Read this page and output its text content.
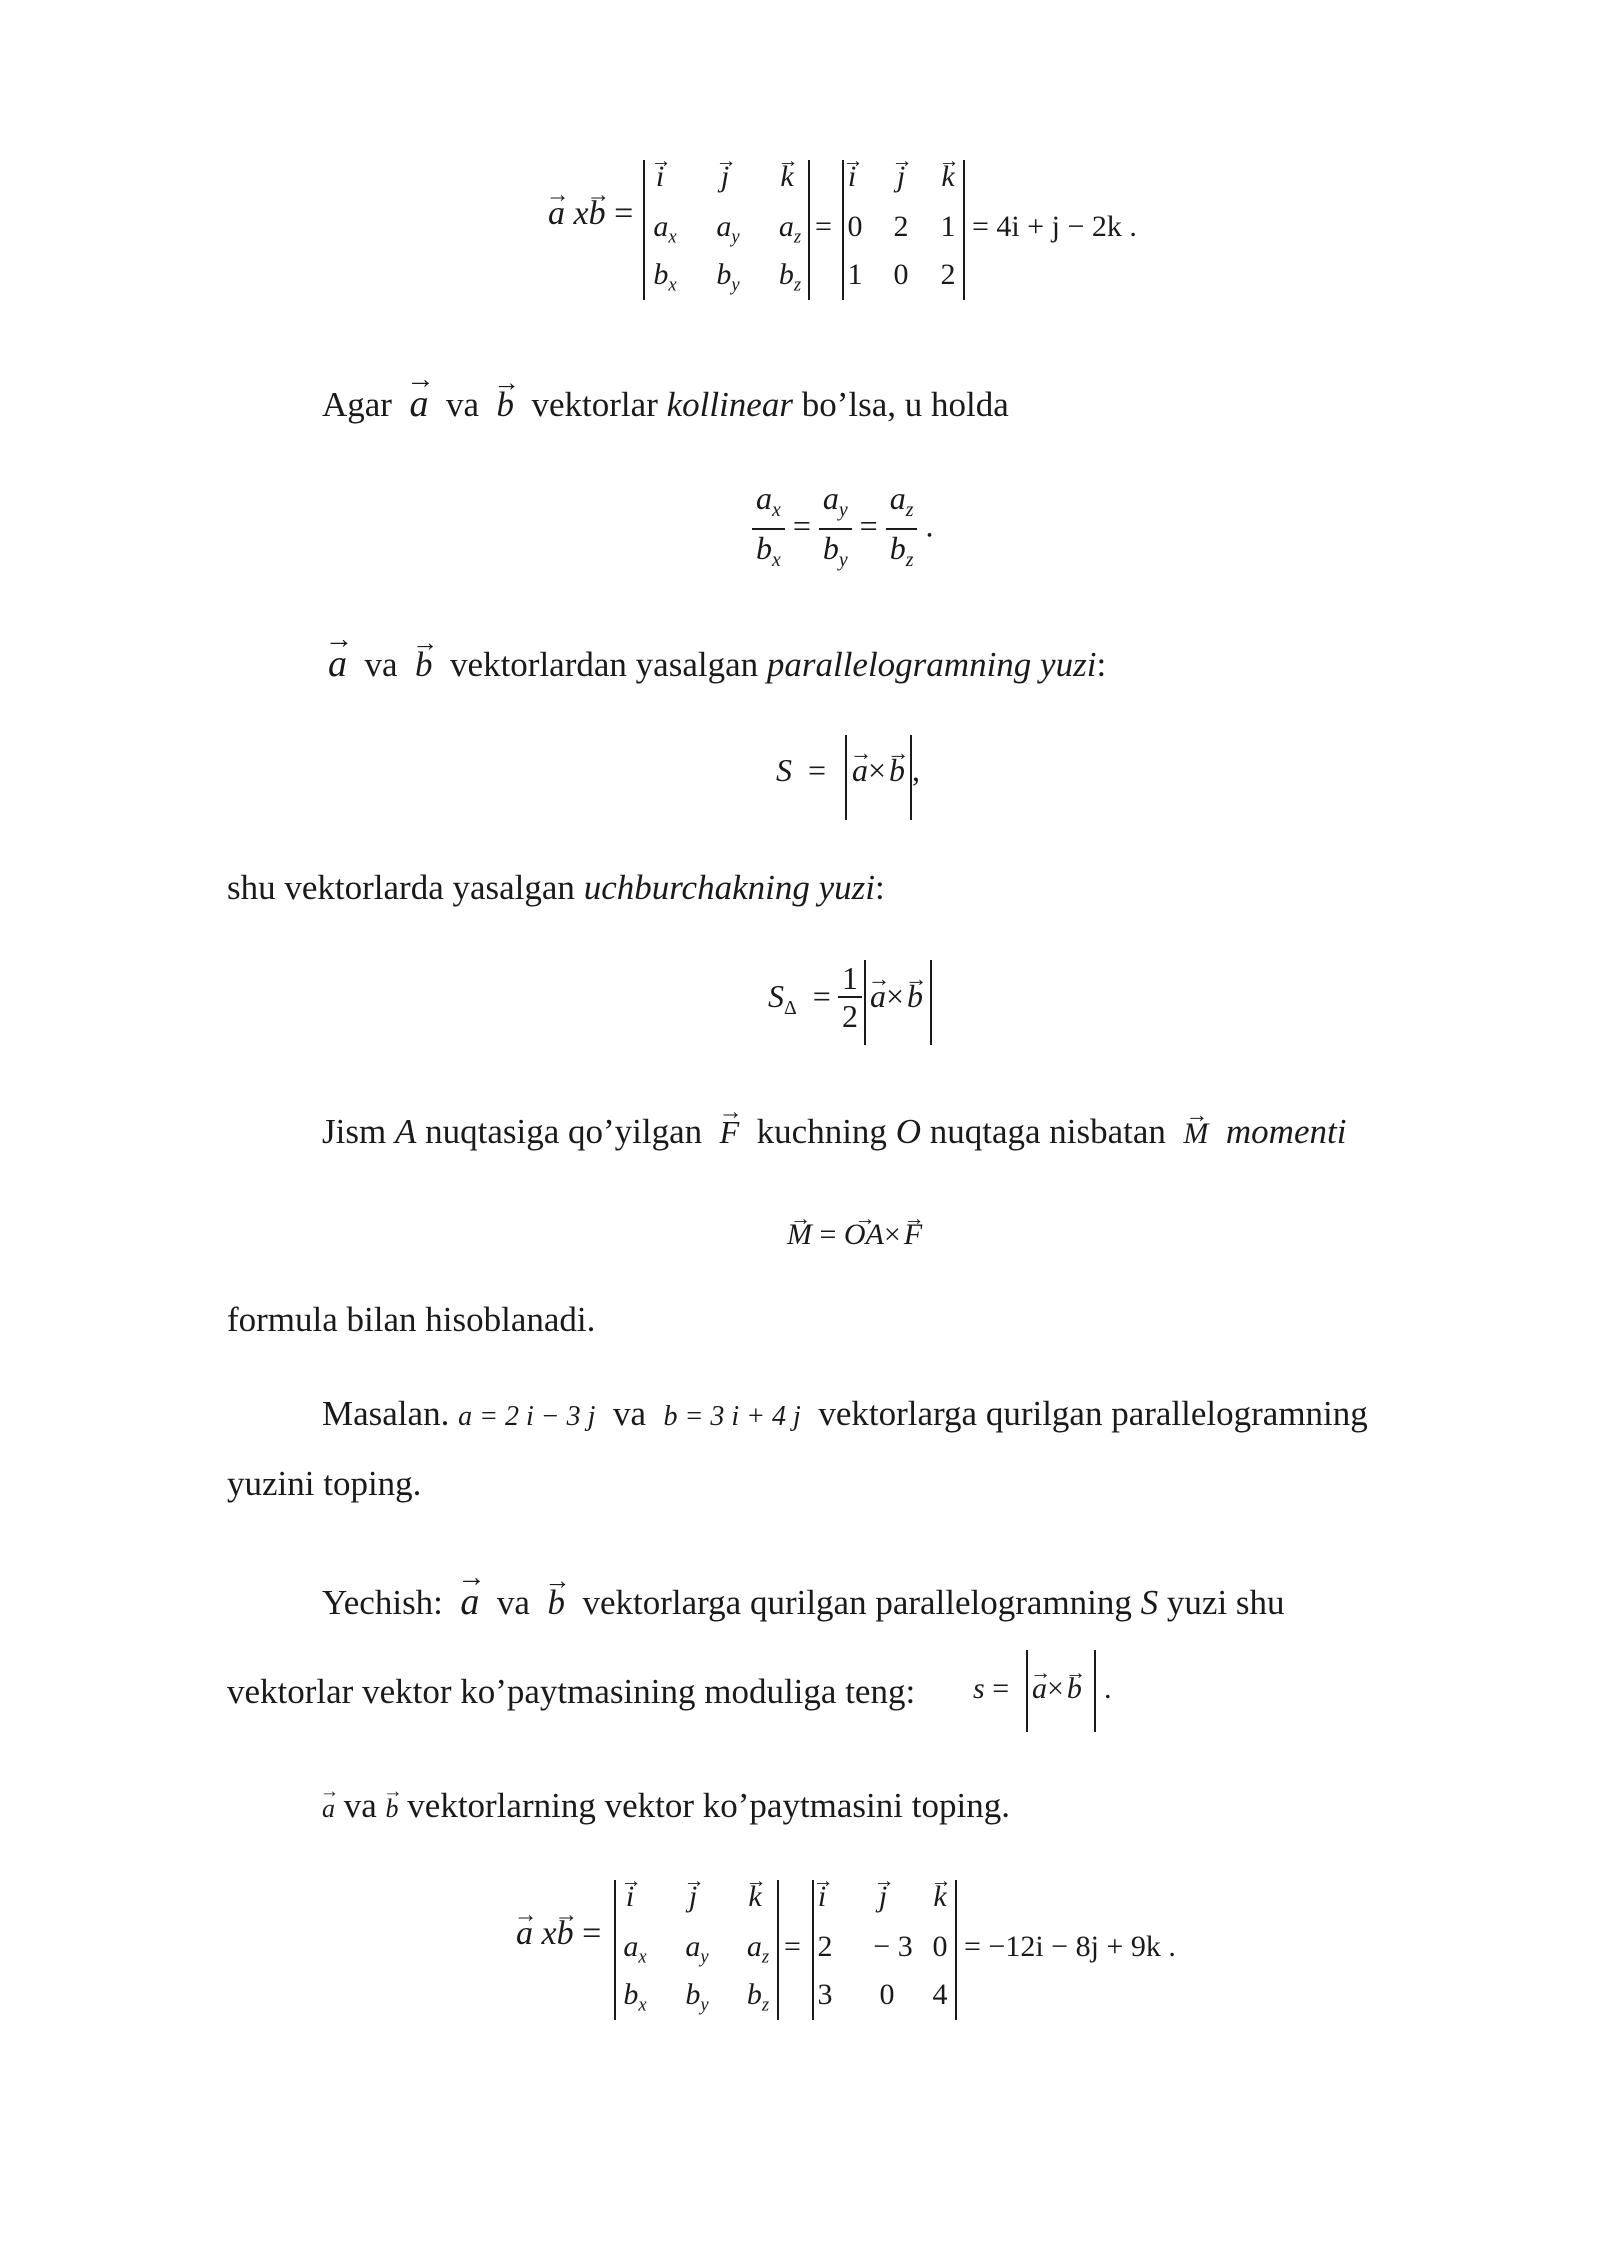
→ a x→ b =
→ i
→	j
→	k
$a_x$	$a_y$	$a_z$
$b_x$	$b_y$	$b_z$
=
→ i
→	j
→	k
0	2	1
1	0	2
= 4i + j − 2k .
Agar  → a va  → b vektorlar kollinear bo’lsa, u holda
$\frac{a_x}{b_x} = \frac{a_y}{b_y} = \frac{a_z}{b_z}$ .
→ a va  → b vektorlardan yasalgan parallelogramning yuzi:
S =
→ a×→ b ,
shu vektorlarda yasalgan uchburchakning yuzi:
$S_\Delta = \frac{1}{2}$
→ a×→ b
Jism A nuqtasiga qo’yilgan  → F kuchning O nuqtaga nisbatan  → M momenti
→ M = → OA×→ F
formula bilan hisoblanadi.
Masalan. a = 2 i − 3 j va b = 3 i + 4 j vektorlarga qurilgan parallelogramning
yuzini toping.
Yechish:  → a va  → b vektorlarga qurilgan parallelogramning S yuzi shu
vektorlar vektor ko’paytmasining moduliga teng: s =
→ a×→ b .
→ a va → b vektorlarning vektor ko’paytmasini toping.
→ a x→ b =
→ i
→	j
→	k
$a_x$	$a_y$	$a_z$
$b_x$	$b_y$	$b_z$
=
→ i
→	j
→	k
2	− 3 0
3	0	4
= −12i − 8j + 9k .
